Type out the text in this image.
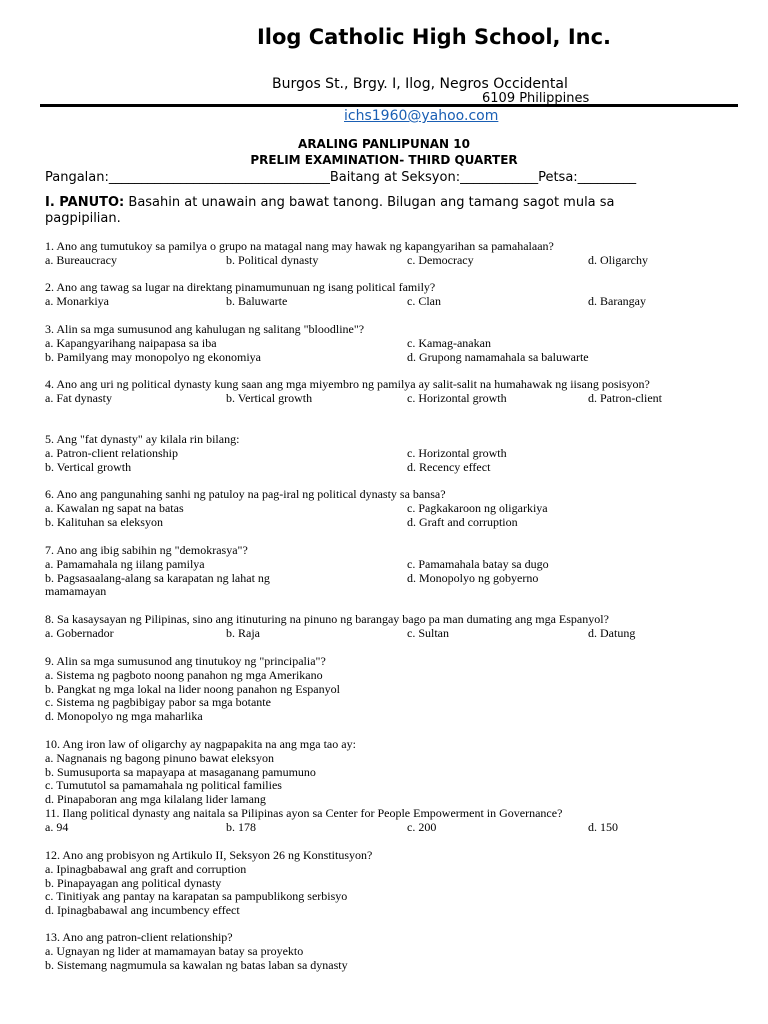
Ilog Catholic High School, Inc.
Burgos St., Brgy. I, Ilog, Negros Occidental
6109 Philippines
ichs1960@yahoo.com
ARALING PANLIPUNAN 10
PRELIM EXAMINATION- THIRD QUARTER
Pangalan:__________________________________Baitang at Seksyon:____________Petsa:_________
I. PANUTO: Basahin at unawain ang bawat tanong. Bilugan ang tamang sagot mula sa pagpipilian.
1. Ano ang tumutukoy sa pamilya o grupo na matagal nang may hawak ng kapangyarihan sa pamahalaan?
a. Bureaucracy	b. Political dynasty	c. Democracy	d. Oligarchy
2. Ano ang tawag sa lugar na direktang pinamumunuan ng isang political family?
a. Monarkiya	b. Baluwarte	c. Clan	d. Barangay
3. Alin sa mga sumusunod ang kahulugan ng salitang "bloodline"?
a. Kapangyarihang naipapasa sa iba	c. Kamag-anakan
b. Pamilyang may monopolyo ng ekonomiya	d. Grupong namamahala sa baluwarte
4. Ano ang uri ng political dynasty kung saan ang mga miyembro ng pamilya ay salit-salit na humahawak ng iisang posisyon?
a. Fat dynasty	b. Vertical growth	c. Horizontal growth	d. Patron-client
5. Ang "fat dynasty" ay kilala rin bilang:
a. Patron-client relationship	c. Horizontal growth
b. Vertical growth	d. Recency effect
6. Ano ang pangunahing sanhi ng patuloy na pag-iral ng political dynasty sa bansa?
a. Kawalan ng sapat na batas	c. Pagkakaroon ng oligarkiya
b. Kalituhan sa eleksyon	d. Graft and corruption
7. Ano ang ibig sabihin ng "demokrasya"?
a. Pamamahala ng iilang pamilya	c. Pamamahala batay sa dugo
b. Pagsasaalang-alang sa karapatan ng lahat ng	d. Monopolyo ng gobyerno
mamamayan
8. Sa kasaysayan ng Pilipinas, sino ang itinuturing na pinuno ng barangay bago pa man dumating ang mga Espanyol?
a. Gobernador	b. Raja	c. Sultan	d. Datung
9. Alin sa mga sumusunod ang tinutukoy ng "principalia"?
a. Sistema ng pagboto noong panahon ng mga Amerikano
b. Pangkat ng mga lokal na lider noong panahon ng Espanyol
c. Sistema ng pagbibigay pabor sa mga botante
d. Monopolyo ng mga maharlika
10. Ang iron law of oligarchy ay nagpapakita na ang mga tao ay:
a. Nagnanais ng bagong pinuno bawat eleksyon
b. Sumusuporta sa mapayapa at masaganang pamumuno
c. Tumututol sa pamamahala ng political families
d. Pinapaboran ang mga kilalang lider lamang
11. Ilang political dynasty ang naitala sa Pilipinas ayon sa Center for People Empowerment in Governance?
a. 94	b. 178	c. 200	d. 150
12. Ano ang probisyon ng Artikulo II, Seksyon 26 ng Konstitusyon?
a. Ipinagbabawal ang graft and corruption
b. Pinapayagan ang political dynasty
c. Tinitiyak ang pantay na karapatan sa pampublikong serbisyo
d. Ipinagbabawal ang incumbency effect
13. Ano ang patron-client relationship?
a. Ugnayan ng lider at mamamayan batay sa proyekto
b. Sistemang nagmumula sa kawalan ng batas laban sa dynasty
